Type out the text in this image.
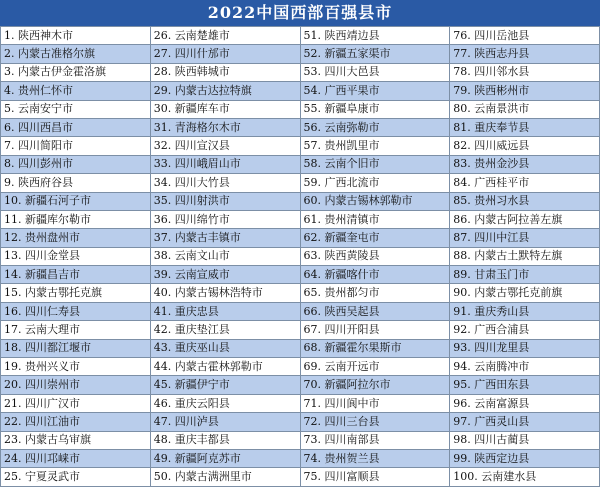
2022中国西部百强县市
1. 陕西神木市	26. 云南楚雄市	51. 陕西靖边县	76. 四川岳池县
2. 内蒙古准格尔旗	27. 四川什邡市	52. 新疆五家渠市	77. 陕西志丹县
3. 内蒙古伊金霍洛旗	28. 陕西韩城市	53. 四川大邑县	78. 四川邻水县
4. 贵州仁怀市	29. 内蒙古达拉特旗	54. 广西平果市	79. 陕西彬州市
5. 云南安宁市	30. 新疆库车市	55. 新疆阜康市	80. 云南景洪市
6. 四川西昌市	31. 青海格尔木市	56. 云南弥勒市	81. 重庆奉节县
7. 四川简阳市	32. 四川宣汉县	57. 贵州凯里市	82. 四川威远县
8. 四川彭州市	33. 四川峨眉山市	58. 云南个旧市	83. 贵州金沙县
9. 陕西府谷县	34. 四川大竹县	59. 广西北流市	84. 广西桂平市
10. 新疆石河子市	35. 四川射洪市	60. 内蒙古锡林郭勒市	85. 贵州习水县
11. 新疆库尔勒市	36. 四川绵竹市	61. 贵州清镇市	86. 内蒙古阿拉善左旗
12. 贵州盘州市	37. 内蒙古丰镇市	62. 新疆奎屯市	87. 四川中江县
13. 四川金堂县	38. 云南文山市	63. 陕西黄陵县	88. 内蒙古土默特左旗
14. 新疆昌吉市	39. 云南宣威市	64. 新疆喀什市	89. 甘肃玉门市
15. 内蒙古鄂托克旗	40. 内蒙古锡林浩特市	65. 贵州都匀市	90. 内蒙古鄂托克前旗
16. 四川仁寿县	41. 重庆忠县	66. 陕西吴起县	91. 重庆秀山县
17. 云南大理市	42. 重庆垫江县	67. 四川开阳县	92. 广西合浦县
18. 四川都江堰市	43. 重庆巫山县	68. 新疆霍尔果斯市	93. 四川龙里县
19. 贵州兴义市	44. 内蒙古霍林郭勒市	69. 云南开远市	94. 云南腾冲市
20. 四川崇州市	45. 新疆伊宁市	70. 新疆阿拉尔市	95. 广西田东县
21. 四川广汉市	46. 重庆云阳县	71. 四川阆中市	96. 云南富源县
22. 四川江油市	47. 四川泸县	72. 四川三台县	97. 广西灵山县
23. 内蒙古乌审旗	48. 重庆丰都县	73. 四川南部县	98. 四川古蔺县
24. 四川邛崃市	49. 新疆阿克苏市	74. 贵州贺兰县	99. 陕西定边县
25. 宁夏灵武市	50. 内蒙古满洲里市	75. 四川富顺县	100. 云南建水县
